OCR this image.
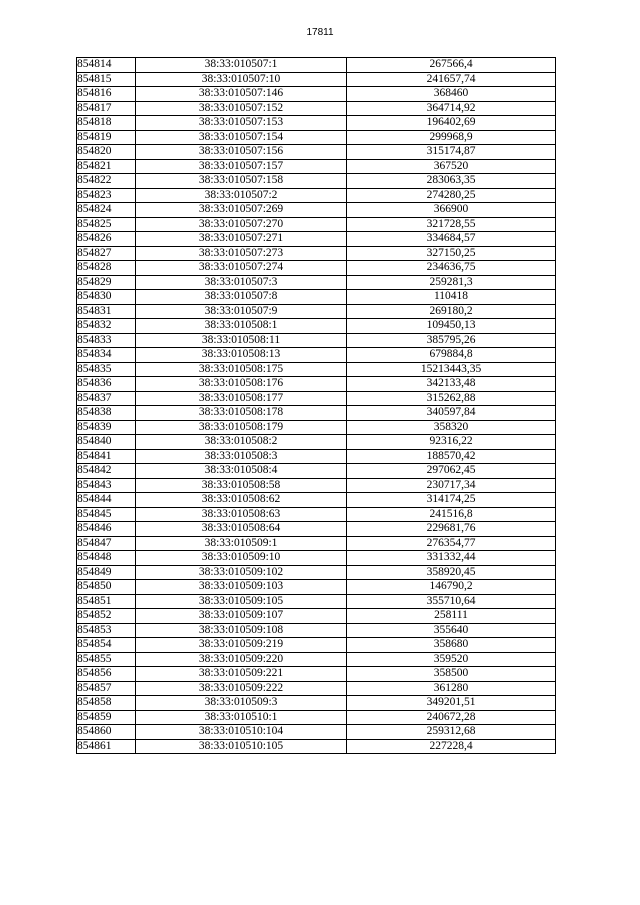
17811
854814	38:33:010507:1	267566,4
854815	38:33:010507:10	241657,74
854816	38:33:010507:146	368460
854817	38:33:010507:152	364714,92
854818	38:33:010507:153	196402,69
854819	38:33:010507:154	299968,9
854820	38:33:010507:156	315174,87
854821	38:33:010507:157	367520
854822	38:33:010507:158	283063,35
854823	38:33:010507:2	274280,25
854824	38:33:010507:269	366900
854825	38:33:010507:270	321728,55
854826	38:33:010507:271	334684,57
854827	38:33:010507:273	327150,25
854828	38:33:010507:274	234636,75
854829	38:33:010507:3	259281,3
854830	38:33:010507:8	110418
854831	38:33:010507:9	269180,2
854832	38:33:010508:1	109450,13
854833	38:33:010508:11	385795,26
854834	38:33:010508:13	679884,8
854835	38:33:010508:175	15213443,35
854836	38:33:010508:176	342133,48
854837	38:33:010508:177	315262,88
854838	38:33:010508:178	340597,84
854839	38:33:010508:179	358320
854840	38:33:010508:2	92316,22
854841	38:33:010508:3	188570,42
854842	38:33:010508:4	297062,45
854843	38:33:010508:58	230717,34
854844	38:33:010508:62	314174,25
854845	38:33:010508:63	241516,8
854846	38:33:010508:64	229681,76
854847	38:33:010509:1	276354,77
854848	38:33:010509:10	331332,44
854849	38:33:010509:102	358920,45
854850	38:33:010509:103	146790,2
854851	38:33:010509:105	355710,64
854852	38:33:010509:107	258111
854853	38:33:010509:108	355640
854854	38:33:010509:219	358680
854855	38:33:010509:220	359520
854856	38:33:010509:221	358500
854857	38:33:010509:222	361280
854858	38:33:010509:3	349201,51
854859	38:33:010510:1	240672,28
854860	38:33:010510:104	259312,68
854861	38:33:010510:105	227228,4
